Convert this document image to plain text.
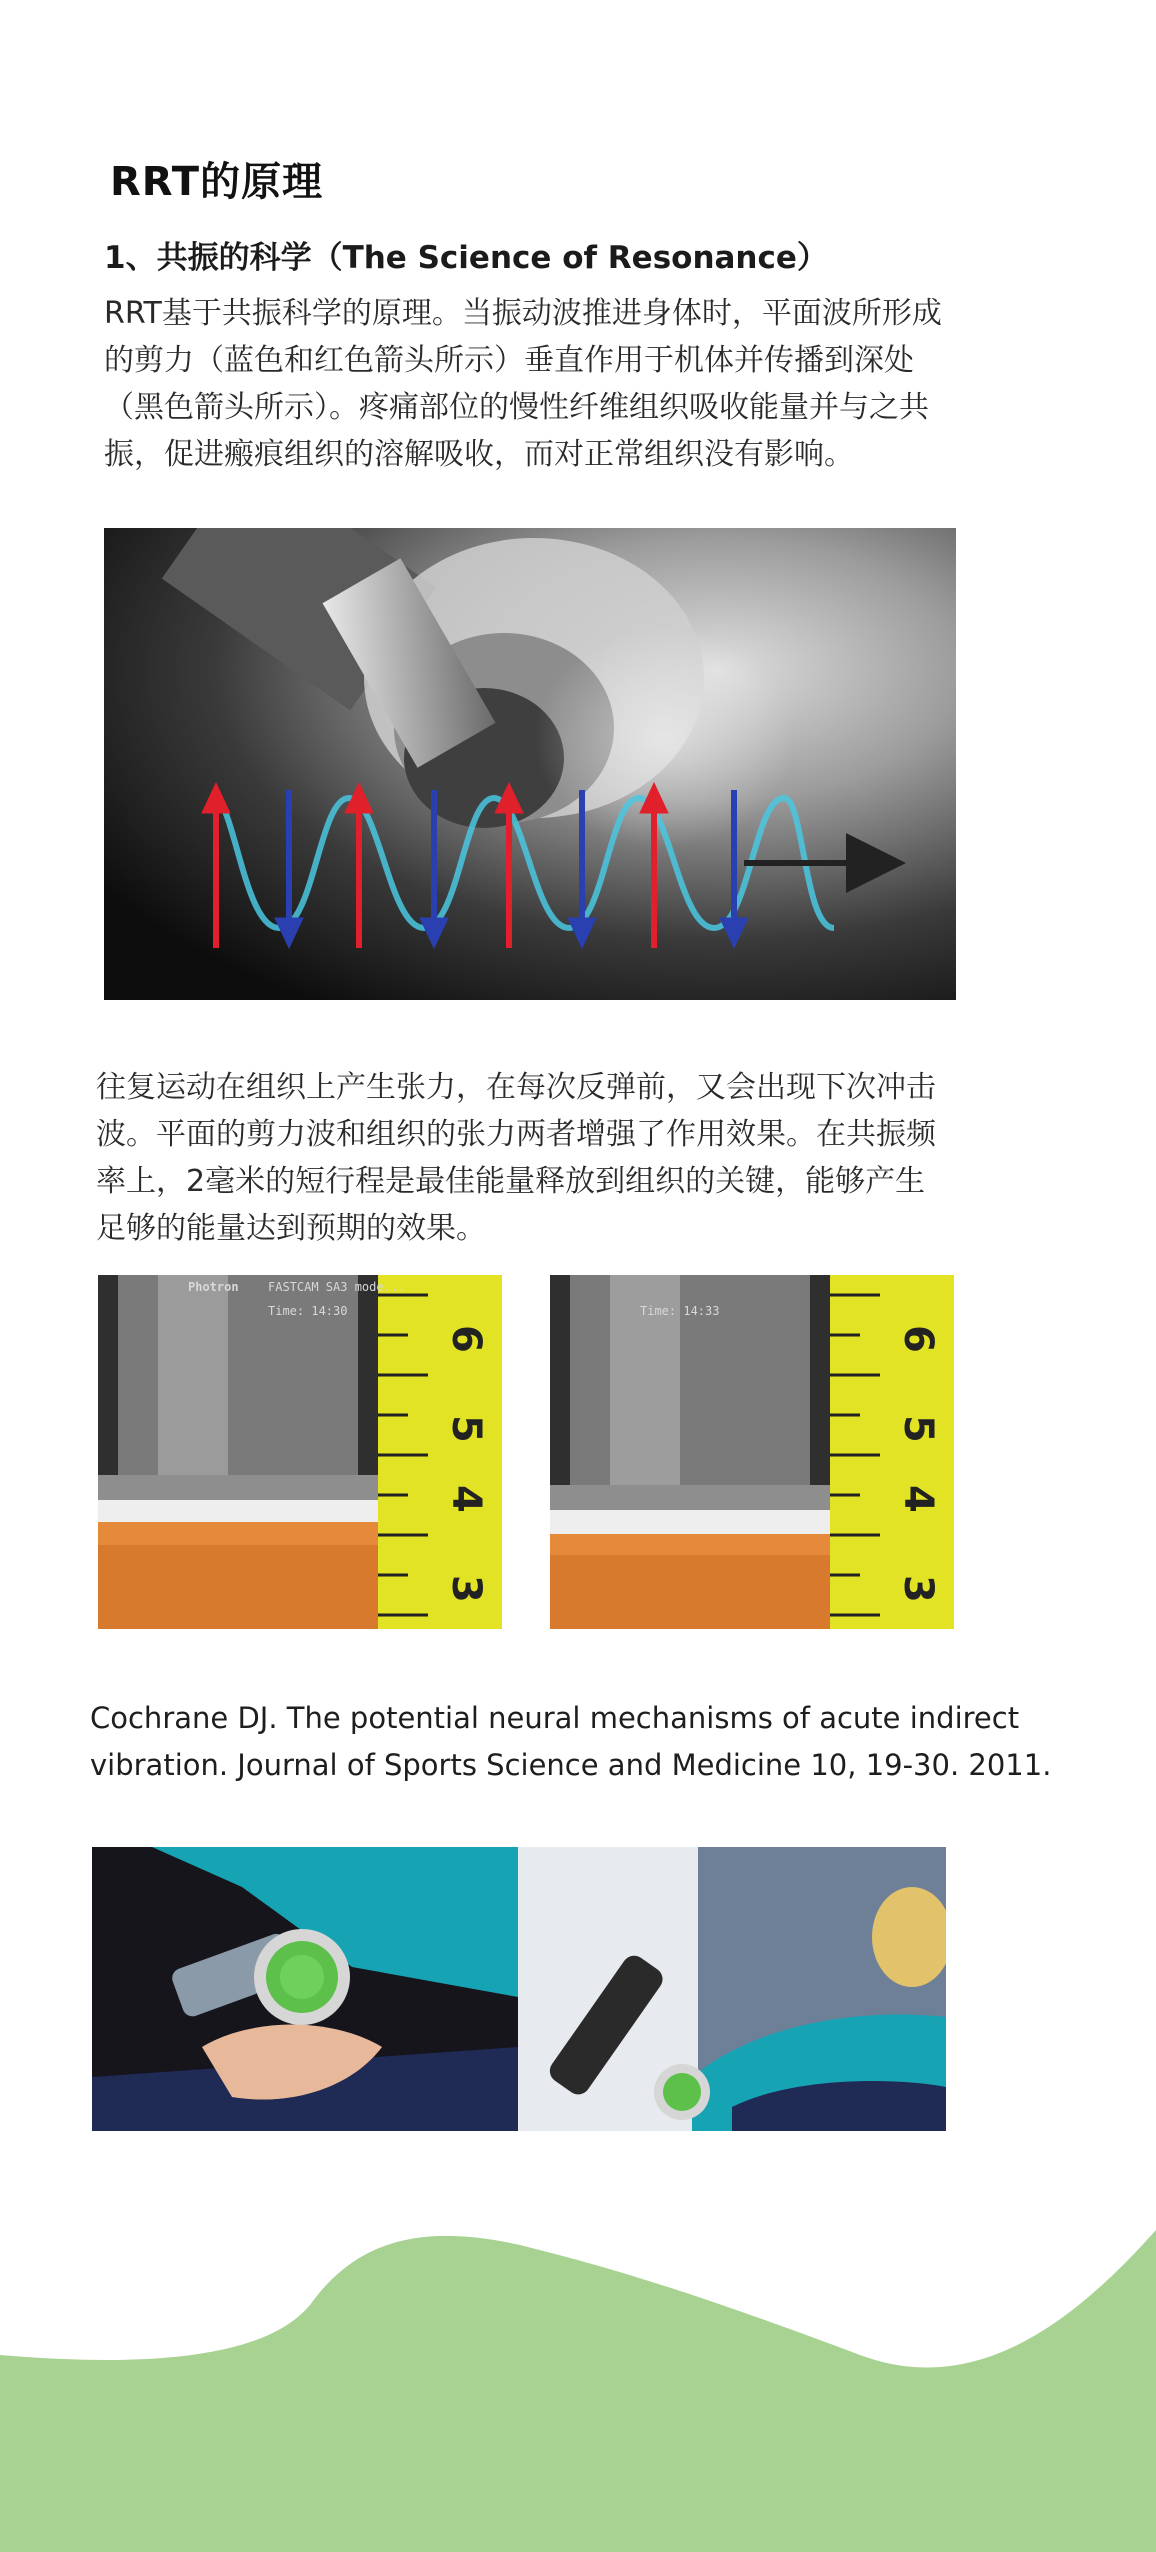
RRT的原理
1、共振的科学（The Science of Resonance）

RRT基于共振科学的原理。当振动波推进身体时，平面波所形成的剪力（蓝色和红色箭头所示）垂直作用于机体并传播到深处（黑色箭头所示）。疼痛部位的慢性纤维组织吸收能量并与之共振，促进瘢痕组织的溶解吸收，而对正常组织没有影响。

往复运动在组织上产生张力，在每次反弹前，又会出现下次冲击波。平面的剪力波和组织的张力两者增强了作用效果。在共振频率上，2毫米的短行程是最佳能量释放到组织的关键，能够产生足够的能量达到预期的效果。

FASTCAM SA3 mode...
Photron
Time: 14:30
6
5
4
3
Time: 14:33
6
5
4
3

Cochrane DJ. The potential neural mechanisms of acute indirect vibration. Journal of Sports Science and Medicine 10, 19-30. 2011.
